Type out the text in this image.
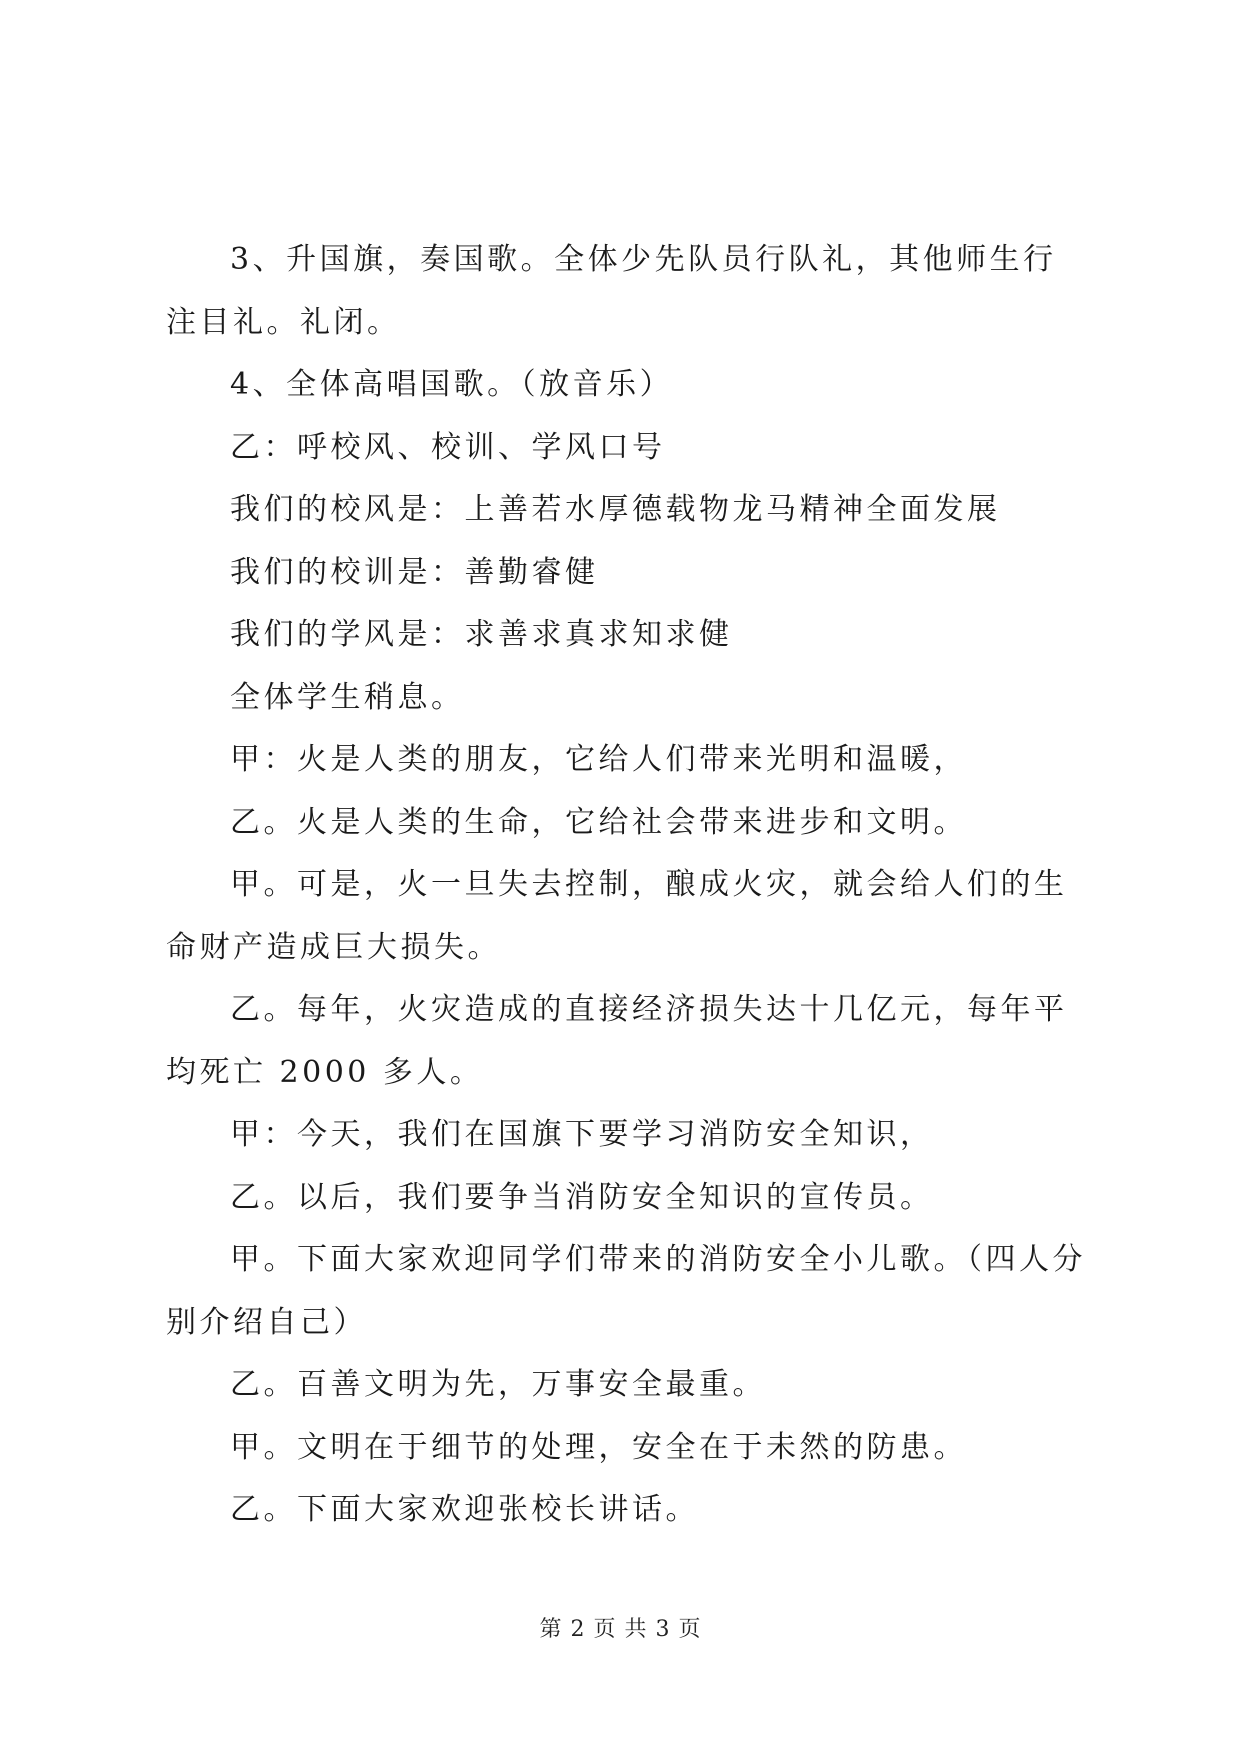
3、升国旗，奏国歌。全体少先队员行队礼，其他师生行注目礼。礼闭。

4、全体高唱国歌。（放音乐）

乙：呼校风、校训、学风口号

我们的校风是：上善若水厚德载物龙马精神全面发展

我们的校训是：善勤睿健

我们的学风是：求善求真求知求健

全体学生稍息。

甲：火是人类的朋友，它给人们带来光明和温暖，

乙。火是人类的生命，它给社会带来进步和文明。

甲。可是，火一旦失去控制，酿成火灾，就会给人们的生命财产造成巨大损失。

乙。每年，火灾造成的直接经济损失达十几亿元，每年平均死亡 2000 多人。

甲：今天，我们在国旗下要学习消防安全知识，

乙。以后，我们要争当消防安全知识的宣传员。

甲。下面大家欢迎同学们带来的消防安全小儿歌。（四人分别介绍自己）

乙。百善文明为先，万事安全最重。

甲。文明在于细节的处理，安全在于未然的防患。

乙。下面大家欢迎张校长讲话。

第 2 页 共 3 页
